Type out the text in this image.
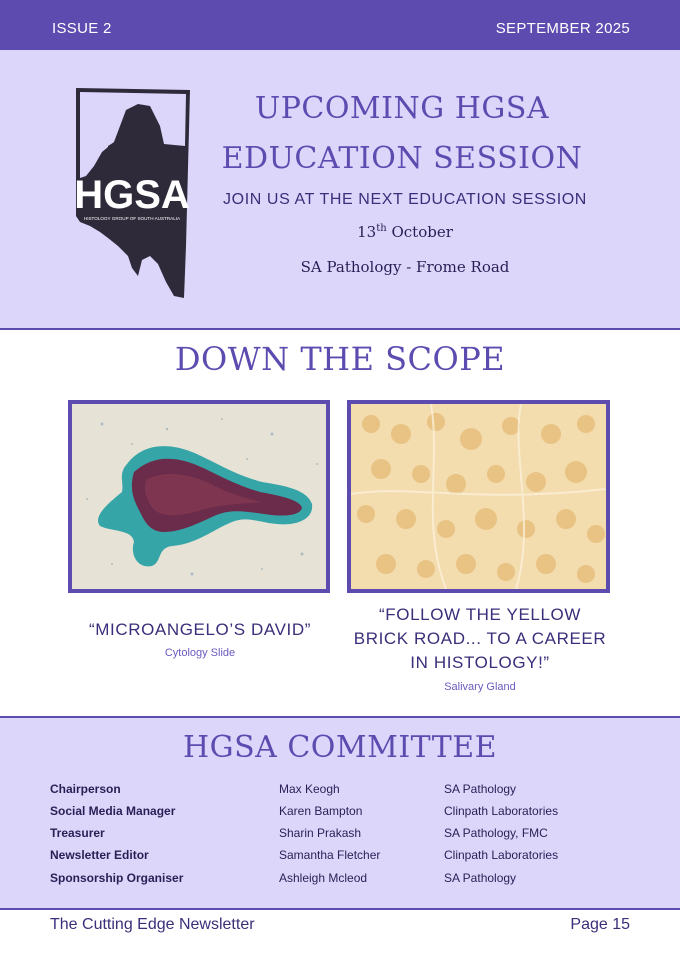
ISSUE 2	SEPTEMBER 2025
HGSA
HISTOLOGY GROUP OF SOUTH AUSTRALIA
UPCOMING HGSA
EDUCATION SESSION
JOIN US AT THE NEXT EDUCATION SESSION
13th October
SA Pathology - Frome Road
DOWN THE SCOPE
“MICROANGELO’S DAVID”
Cytology Slide
“FOLLOW THE YELLOW
BRICK ROAD... TO A CAREER
IN HISTOLOGY!”
Salivary Gland
HGSA COMMITTEE
Chairperson	Max Keogh	SA Pathology
Social Media Manager	Karen Bampton	Clinpath Laboratories
Treasurer	Sharin Prakash	SA Pathology, FMC
Newsletter Editor	Samantha Fletcher	Clinpath Laboratories
Sponsorship Organiser	Ashleigh Mcleod	SA Pathology
The Cutting Edge Newsletter	Page 15
